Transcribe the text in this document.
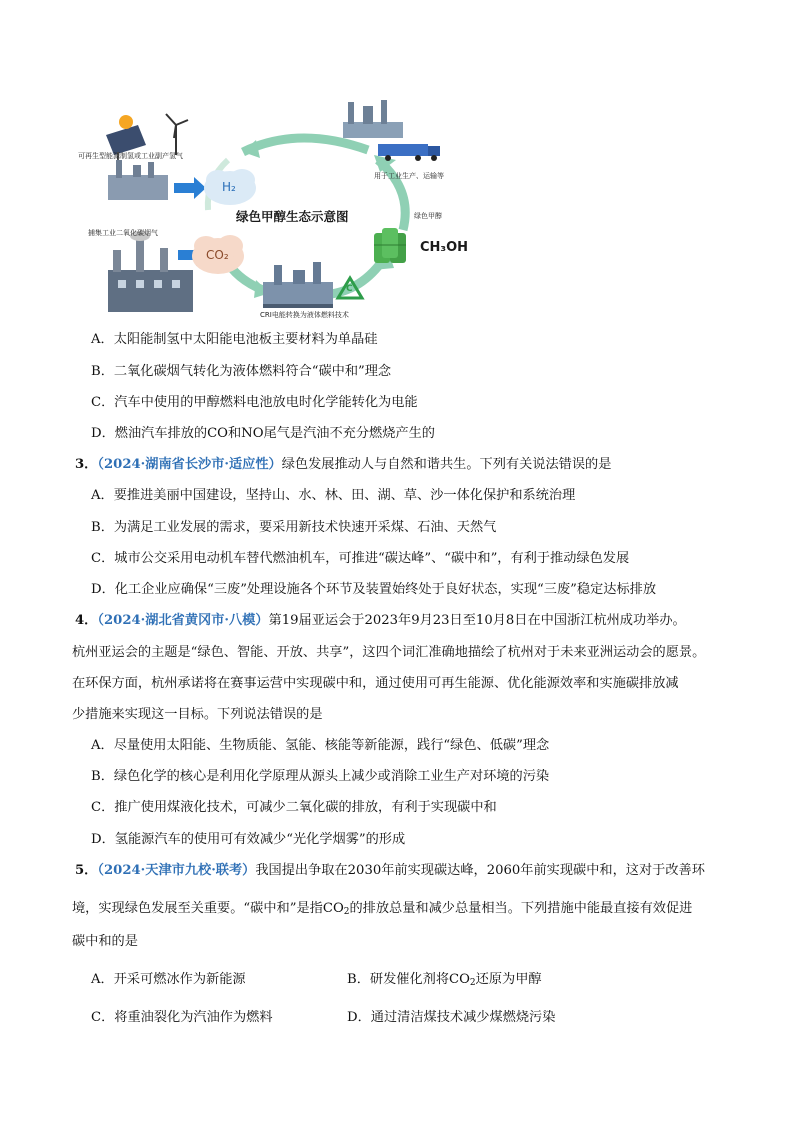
可再生型能源制氢或工业副产氢气
捕集工业二氧化碳烟气
用于工业生产、运输等
绿色甲醇
CRI电能转换为液体燃料技术
绿色甲醇生态示意图
H₂
CO₂	CH₃OH
C
A．太阳能制氢中太阳能电池板主要材料为单晶硅
B．二氧化碳烟气转化为液体燃料符合“碳中和”理念
C．汽车中使用的甲醇燃料电池放电时化学能转化为电能
D．燃油汽车排放的CO和NO尾气是汽油不充分燃烧产生的
3．（2024·湖南省长沙市·适应性）绿色发展推动人与自然和谐共生。下列有关说法错误的是
A．要推进美丽中国建设，坚持山、水、林、田、湖、草、沙一体化保护和系统治理
B．为满足工业发展的需求，要采用新技术快速开采煤、石油、天然气
C．城市公交采用电动机车替代燃油机车，可推进“碳达峰”、“碳中和”，有利于推动绿色发展
D．化工企业应确保“三废”处理设施各个环节及装置始终处于良好状态，实现“三废”稳定达标排放
4．（2024·湖北省黄冈市·八模）第19届亚运会于2023年9月23日至10月8日在中国浙江杭州成功举办。
杭州亚运会的主题是“绿色、智能、开放、共享”，这四个词汇准确地描绘了杭州对于未来亚洲运动会的愿景。
在环保方面，杭州承诺将在赛事运营中实现碳中和，通过使用可再生能源、优化能源效率和实施碳排放减
少措施来实现这一目标。下列说法错误的是
A．尽量使用太阳能、生物质能、氢能、核能等新能源，践行“绿色、低碳”理念
B．绿色化学的核心是利用化学原理从源头上减少或消除工业生产对环境的污染
C．推广使用煤液化技术，可减少二氧化碳的排放，有利于实现碳中和
D．氢能源汽车的使用可有效减少“光化学烟雾”的形成
5．（2024·天津市九校·联考）我国提出争取在2030年前实现碳达峰，2060年前实现碳中和，这对于改善环
境，实现绿色发展至关重要。“碳中和”是指$CO_2$的排放总量和减少总量相当。下列措施中能最直接有效促进
碳中和的是
A．开采可燃冰作为新能源	B．研发催化剂将$CO_2$还原为甲醇
C．将重油裂化为汽油作为燃料	D．通过清洁煤技术减少煤燃烧污染
